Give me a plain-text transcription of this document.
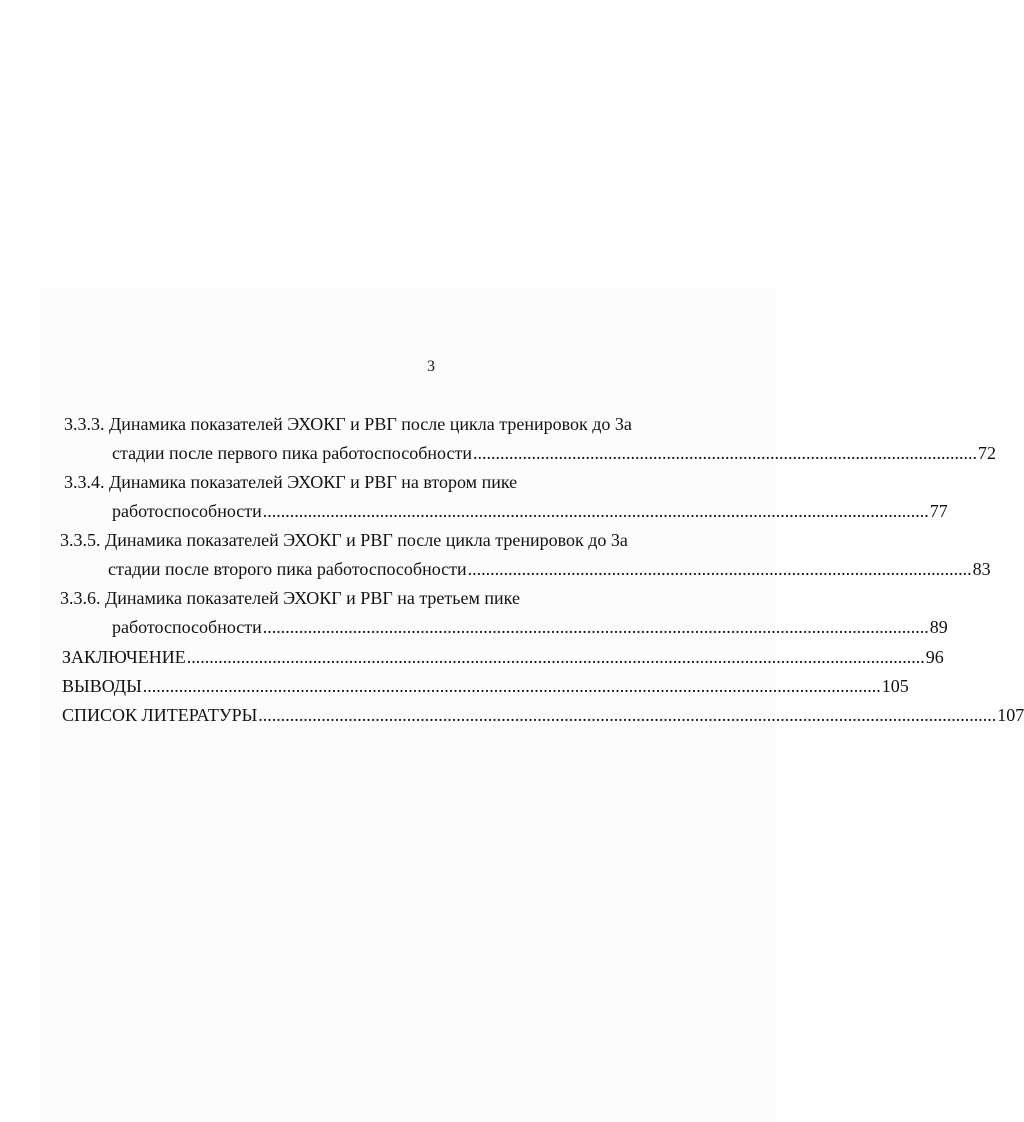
3
3.3.3. Динамика показателей ЭХОКГ и РВГ после цикла тренировок до 3а
стадии после первого пика работоспособности ................................................................................................................ 72
3.3.4. Динамика показателей ЭХОКГ и РВГ на втором пике
работоспособности .................................................................................................................................................... 77
3.3.5. Динамика показателей ЭХОКГ и РВГ после цикла тренировок до 3а
стадии после второго пика работоспособности ................................................................................................................ 83
3.3.6. Динамика показателей ЭХОКГ и РВГ на третьем пике
работоспособности .................................................................................................................................................... 89
ЗАКЛЮЧЕНИЕ .................................................................................................................................................................... 96
ВЫВОДЫ .................................................................................................................................................................... 105
СПИСОК ЛИТЕРАТУРЫ .................................................................................................................................................................... 107
